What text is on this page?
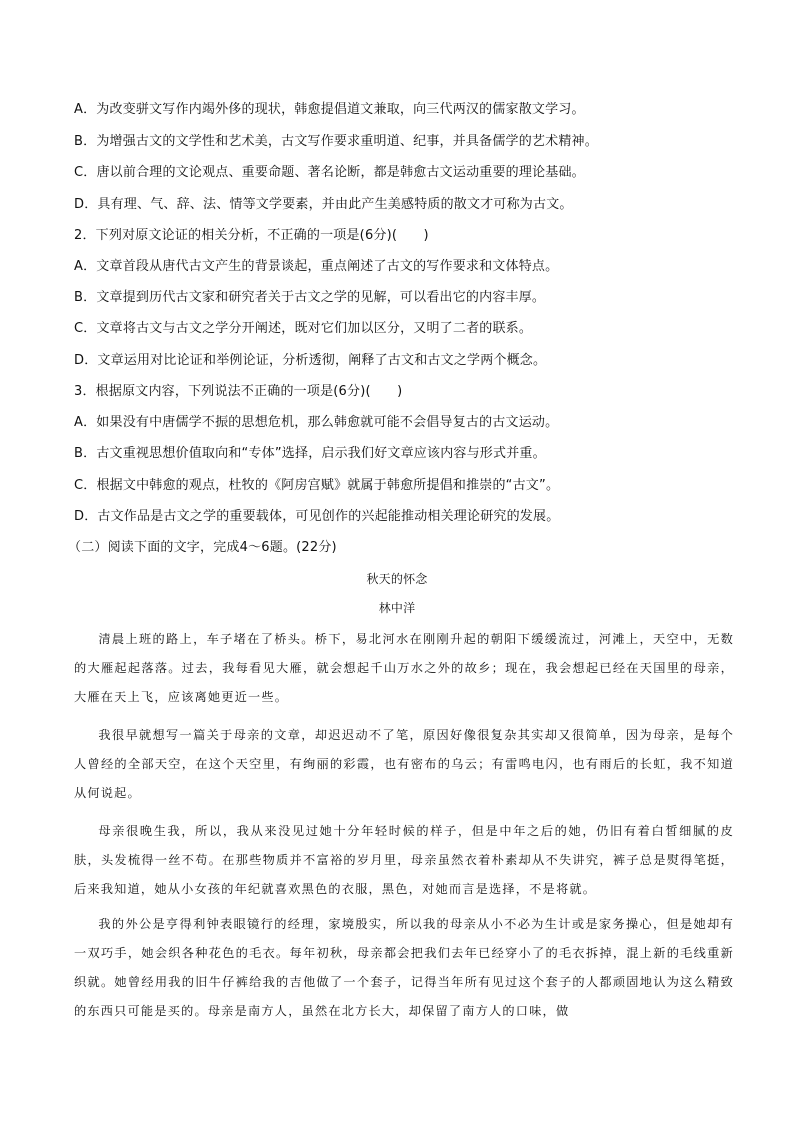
A．为改变骈文写作内竭外侈的现状，韩愈提倡道文兼取，向三代两汉的儒家散文学习。
B．为增强古文的文学性和艺术美，古文写作要求重明道、纪事，并具备儒学的艺术精神。
C．唐以前合理的文论观点、重要命题、著名论断，都是韩愈古文运动重要的理论基础。
D．具有理、气、辞、法、情等文学要素，并由此产生美感特质的散文才可称为古文。
2．下列对原文论证的相关分析，不正确的一项是(6分)(　　)
A．文章首段从唐代古文产生的背景谈起，重点阐述了古文的写作要求和文体特点。
B．文章提到历代古文家和研究者关于古文之学的见解，可以看出它的内容丰厚。
C．文章将古文与古文之学分开阐述，既对它们加以区分，又明了二者的联系。
D．文章运用对比论证和举例论证，分析透彻，阐释了古文和古文之学两个概念。
3．根据原文内容，下列说法不正确的一项是(6分)(　　)
A．如果没有中唐儒学不振的思想危机，那么韩愈就可能不会倡导复古的古文运动。
B．古文重视思想价值取向和“专体”选择，启示我们好文章应该内容与形式并重。
C．根据文中韩愈的观点，杜牧的《阿房宫赋》就属于韩愈所提倡和推崇的“古文”。
D．古文作品是古文之学的重要载体，可见创作的兴起能推动相关理论研究的发展。
（二）阅读下面的文字，完成4～6题。(22分)
秋天的怀念
林中洋

清晨上班的路上，车子堵在了桥头。桥下，易北河水在刚刚升起的朝阳下缓缓流过，河滩上，天空中，无数的大雁起起落落。过去，我每看见大雁，就会想起千山万水之外的故乡；现在，我会想起已经在天国里的母亲，大雁在天上飞，应该离她更近一些。

我很早就想写一篇关于母亲的文章，却迟迟动不了笔，原因好像很复杂其实却又很简单，因为母亲，是每个人曾经的全部天空，在这个天空里，有绚丽的彩霞，也有密布的乌云；有雷鸣电闪，也有雨后的长虹，我不知道从何说起。

母亲很晚生我，所以，我从来没见过她十分年轻时候的样子，但是中年之后的她，仍旧有着白皙细腻的皮肤，头发梳得一丝不苟。在那些物质并不富裕的岁月里，母亲虽然衣着朴素却从不失讲究，裤子总是熨得笔挺，后来我知道，她从小女孩的年纪就喜欢黑色的衣服，黑色，对她而言是选择，不是将就。

我的外公是亨得利钟表眼镜行的经理，家境殷实，所以我的母亲从小不必为生计或是家务操心，但是她却有一双巧手，她会织各种花色的毛衣。每年初秋，母亲都会把我们去年已经穿小了的毛衣拆掉，混上新的毛线重新织就。她曾经用我的旧牛仔裤给我的吉他做了一个套子，记得当年所有见过这个套子的人都顽固地认为这么精致的东西只可能是买的。母亲是南方人，虽然在北方长大，却保留了南方人的口味，做
